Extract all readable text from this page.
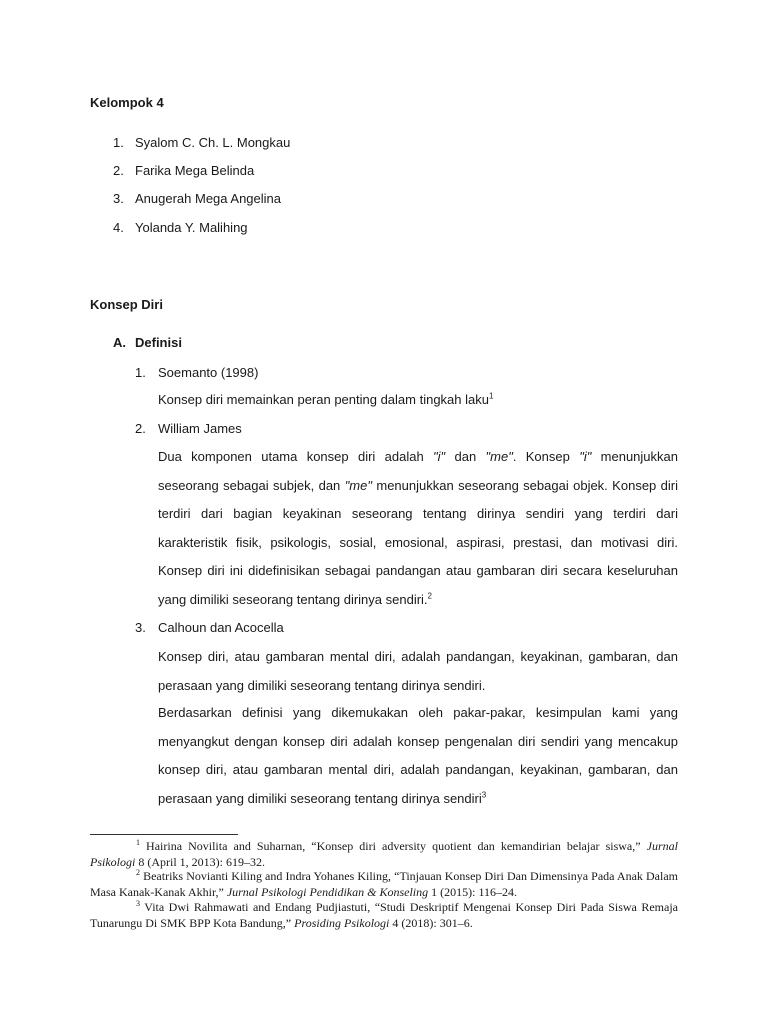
Kelompok 4
1. Syalom C. Ch. L. Mongkau
2. Farika Mega Belinda
3. Anugerah Mega Angelina
4. Yolanda Y. Malihing
Konsep Diri
A. Definisi
1. Soemanto (1998)
Konsep diri memainkan peran penting dalam tingkah laku$^1$
2. William James

Dua komponen utama konsep diri adalah "i" dan "me". Konsep "i" menunjukkan seseorang sebagai subjek, dan "me" menunjukkan seseorang sebagai objek. Konsep diri terdiri dari bagian keyakinan seseorang tentang dirinya sendiri yang terdiri dari karakteristik fisik, psikologis, sosial, emosional, aspirasi, prestasi, dan motivasi diri. Konsep diri ini didefinisikan sebagai pandangan atau gambaran diri secara keseluruhan yang dimiliki seseorang tentang dirinya sendiri.$^2$

3. Calhoun dan Acocella

Konsep diri, atau gambaran mental diri, adalah pandangan, keyakinan, gambaran, dan perasaan yang dimiliki seseorang tentang dirinya sendiri.

Berdasarkan definisi yang dikemukakan oleh pakar-pakar, kesimpulan kami yang menyangkut dengan konsep diri adalah konsep pengenalan diri sendiri yang mencakup konsep diri, atau gambaran mental diri, adalah pandangan, keyakinan, gambaran, dan perasaan yang dimiliki seseorang tentang dirinya sendiri$^3$

$^1$ Hairina Novilita and Suharnan, “Konsep diri adversity quotient dan kemandirian belajar siswa,” Jurnal Psikologi 8 (April 1, 2013): 619–32.

$^2$ Beatriks Novianti Kiling and Indra Yohanes Kiling, “Tinjauan Konsep Diri Dan Dimensinya Pada Anak Dalam Masa Kanak-Kanak Akhir,” Jurnal Psikologi Pendidikan & Konseling 1 (2015): 116–24.

$^3$ Vita Dwi Rahmawati and Endang Pudjiastuti, “Studi Deskriptif Mengenai Konsep Diri Pada Siswa Remaja Tunarungu Di SMK BPP Kota Bandung,” Prosiding Psikologi 4 (2018): 301–6.
